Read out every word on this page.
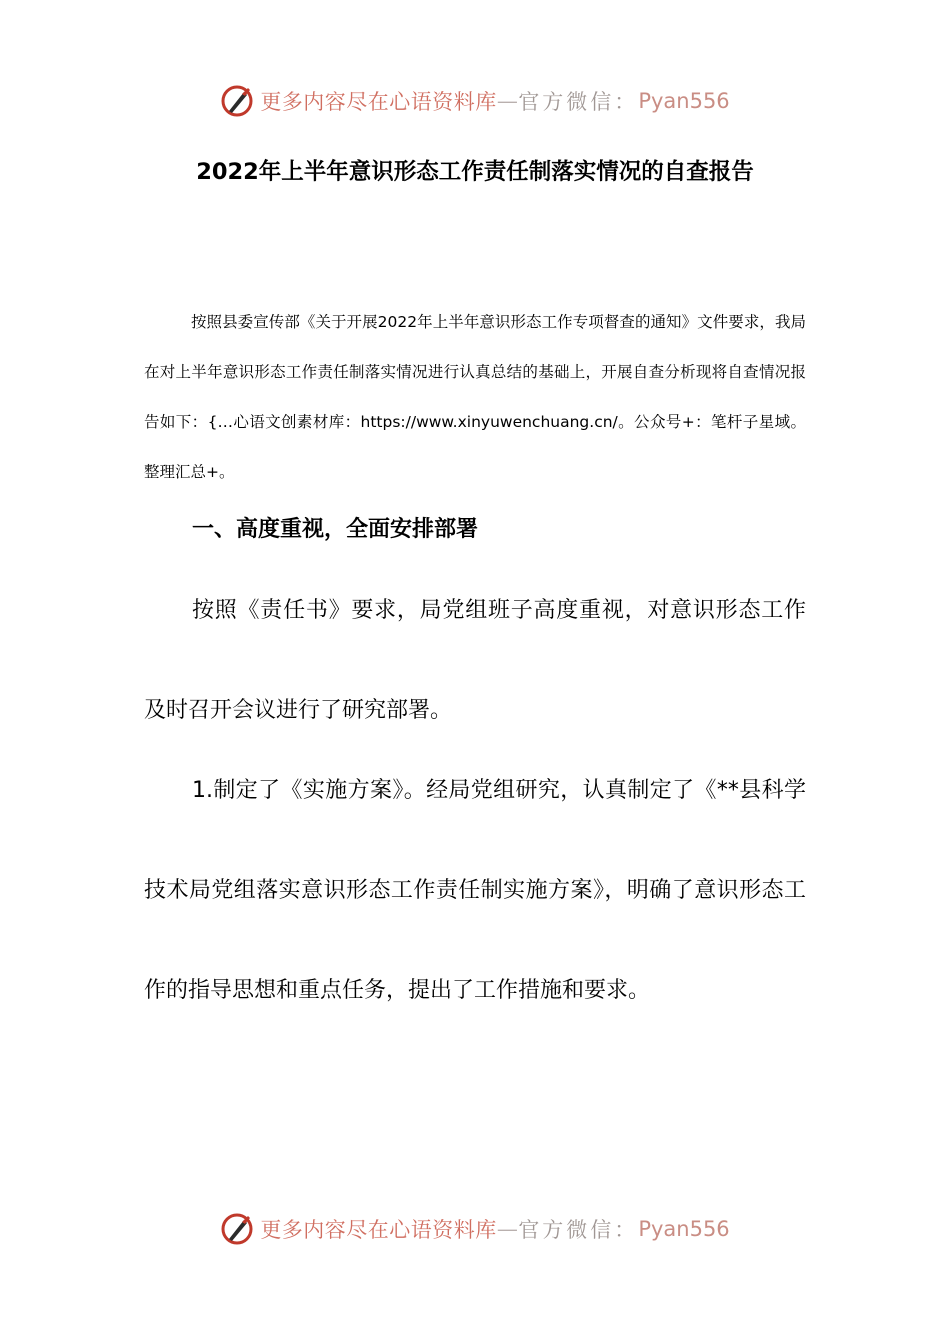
更多内容尽在心语资料库 — 官方微信： Pyan556
2022年上半年意识形态工作责任制落实情况的自查报告

按照县委宣传部《关于开展2022年上半年意识形态工作专项督查的通知》文件要求，我局在对上半年意识形态工作责任制落实情况进行认真总结的基础上，开展自查分析现将自查情况报告如下：{…心语文创素材库：https://www.xinyuwenchuang.cn/。公众号+：笔杆子星域。整理汇总+。

一、高度重视，全面安排部署

按照《责任书》要求，局党组班子高度重视，对意识形态工作及时召开会议进行了研究部署。

1.制定了《实施方案》。经局党组研究，认真制定了《**县科学技术局党组落实意识形态工作责任制实施方案》，明确了意识形态工作的指导思想和重点任务，提出了工作措施和要求。

更多内容尽在心语资料库 — 官方微信： Pyan556
